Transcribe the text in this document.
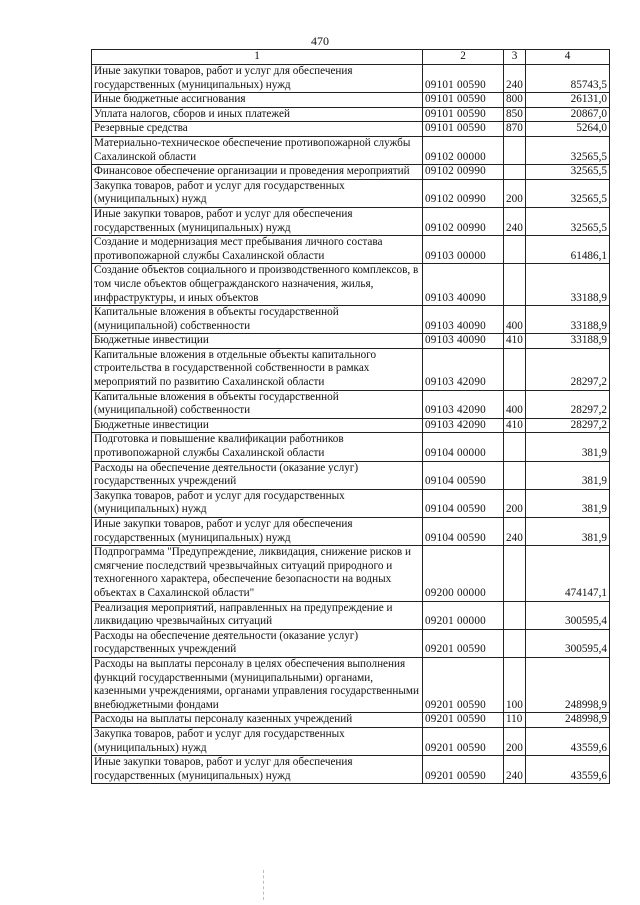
470
1	2	3	4
Иные закупки товаров, работ и услуг для обеспечения государственных (муниципальных) нужд	09101 00590	240	85743,5
Иные бюджетные ассигнования	09101 00590	800	26131,0
Уплата налогов, сборов и иных платежей	09101 00590	850	20867,0
Резервные средства	09101 00590	870	5264,0
Материально-техническое обеспечение противопожарной службы Сахалинской области	09102 00000		32565,5
Финансовое обеспечение организации и проведения мероприятий	09102 00990		32565,5
Закупка товаров, работ и услуг для государственных (муниципальных) нужд	09102 00990	200	32565,5
Иные закупки товаров, работ и услуг для обеспечения государственных (муниципальных) нужд	09102 00990	240	32565,5
Создание и модернизация мест пребывания личного состава противопожарной службы Сахалинской области	09103 00000		61486,1
Создание объектов социального и производственного комплексов, в том числе объектов общегражданского назначения, жилья, инфраструктуры, и иных объектов	09103 40090		33188,9
Капитальные вложения в объекты государственной (муниципальной) собственности	09103 40090	400	33188,9
Бюджетные инвестиции	09103 40090	410	33188,9
Капитальные вложения в отдельные объекты капитального строительства в государственной собственности в рамках мероприятий по развитию Сахалинской области	09103 42090		28297,2
Капитальные вложения в объекты государственной (муниципальной) собственности	09103 42090	400	28297,2
Бюджетные инвестиции	09103 42090	410	28297,2
Подготовка и повышение квалификации работников противопожарной службы Сахалинской области	09104 00000		381,9
Расходы на обеспечение деятельности (оказание услуг) государственных учреждений	09104 00590		381,9
Закупка товаров, работ и услуг для государственных (муниципальных) нужд	09104 00590	200	381,9
Иные закупки товаров, работ и услуг для обеспечения государственных (муниципальных) нужд	09104 00590	240	381,9
Подпрограмма "Предупреждение, ликвидация, снижение рисков и смягчение последствий чрезвычайных ситуаций природного и техногенного характера, обеспечение безопасности на водных объектах в Сахалинской области"	09200 00000		474147,1
Реализация мероприятий, направленных на предупреждение и ликвидацию чрезвычайных ситуаций	09201 00000		300595,4
Расходы на обеспечение деятельности (оказание услуг) государственных учреждений	09201 00590		300595,4
Расходы на выплаты персоналу в целях обеспечения выполнения функций государственными (муниципальными) органами, казенными учреждениями, органами управления государственными внебюджетными фондами	09201 00590	100	248998,9
Расходы на выплаты персоналу казенных учреждений	09201 00590	110	248998,9
Закупка товаров, работ и услуг для государственных (муниципальных) нужд	09201 00590	200	43559,6
Иные закупки товаров, работ и услуг для обеспечения государственных (муниципальных) нужд	09201 00590	240	43559,6
